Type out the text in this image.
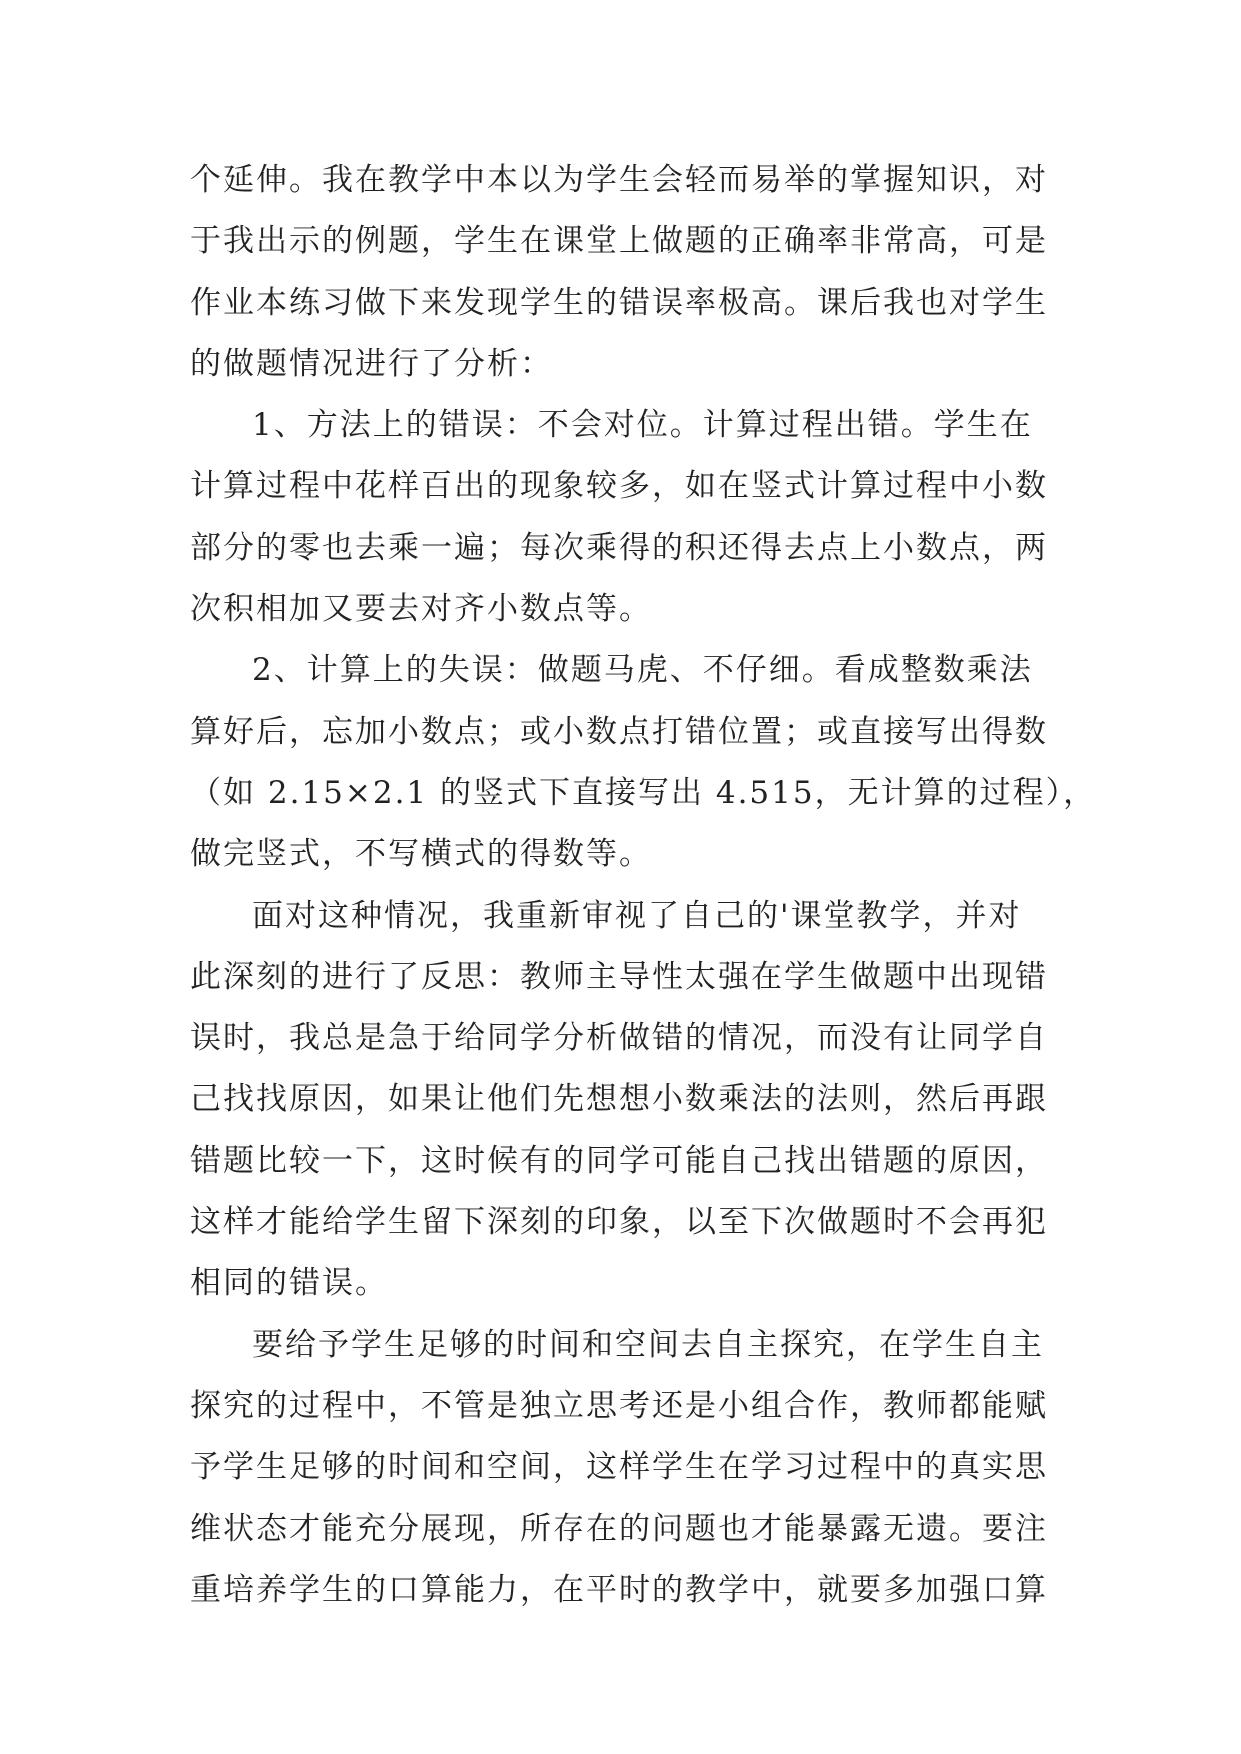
个延伸。我在教学中本以为学生会轻而易举的掌握知识，对
于我出示的例题，学生在课堂上做题的正确率非常高，可是
作业本练习做下来发现学生的错误率极高。课后我也对学生
的做题情况进行了分析：
1、方法上的错误：不会对位。计算过程出错。学生在
计算过程中花样百出的现象较多，如在竖式计算过程中小数
部分的零也去乘一遍；每次乘得的积还得去点上小数点，两
次积相加又要去对齐小数点等。
2、计算上的失误：做题马虎、不仔细。看成整数乘法
算好后，忘加小数点；或小数点打错位置；或直接写出得数
（如 2.15×2.1 的竖式下直接写出 4.515，无计算的过程），
做完竖式，不写横式的得数等。
面对这种情况，我重新审视了自己的'课堂教学，并对
此深刻的进行了反思：教师主导性太强在学生做题中出现错
误时，我总是急于给同学分析做错的情况，而没有让同学自
己找找原因，如果让他们先想想小数乘法的法则，然后再跟
错题比较一下，这时候有的同学可能自己找出错题的原因，
这样才能给学生留下深刻的印象，以至下次做题时不会再犯
相同的错误。
要给予学生足够的时间和空间去自主探究，在学生自主
探究的过程中，不管是独立思考还是小组合作，教师都能赋
予学生足够的时间和空间，这样学生在学习过程中的真实思
维状态才能充分展现，所存在的问题也才能暴露无遗。要注
重培养学生的口算能力，在平时的教学中，就要多加强口算
